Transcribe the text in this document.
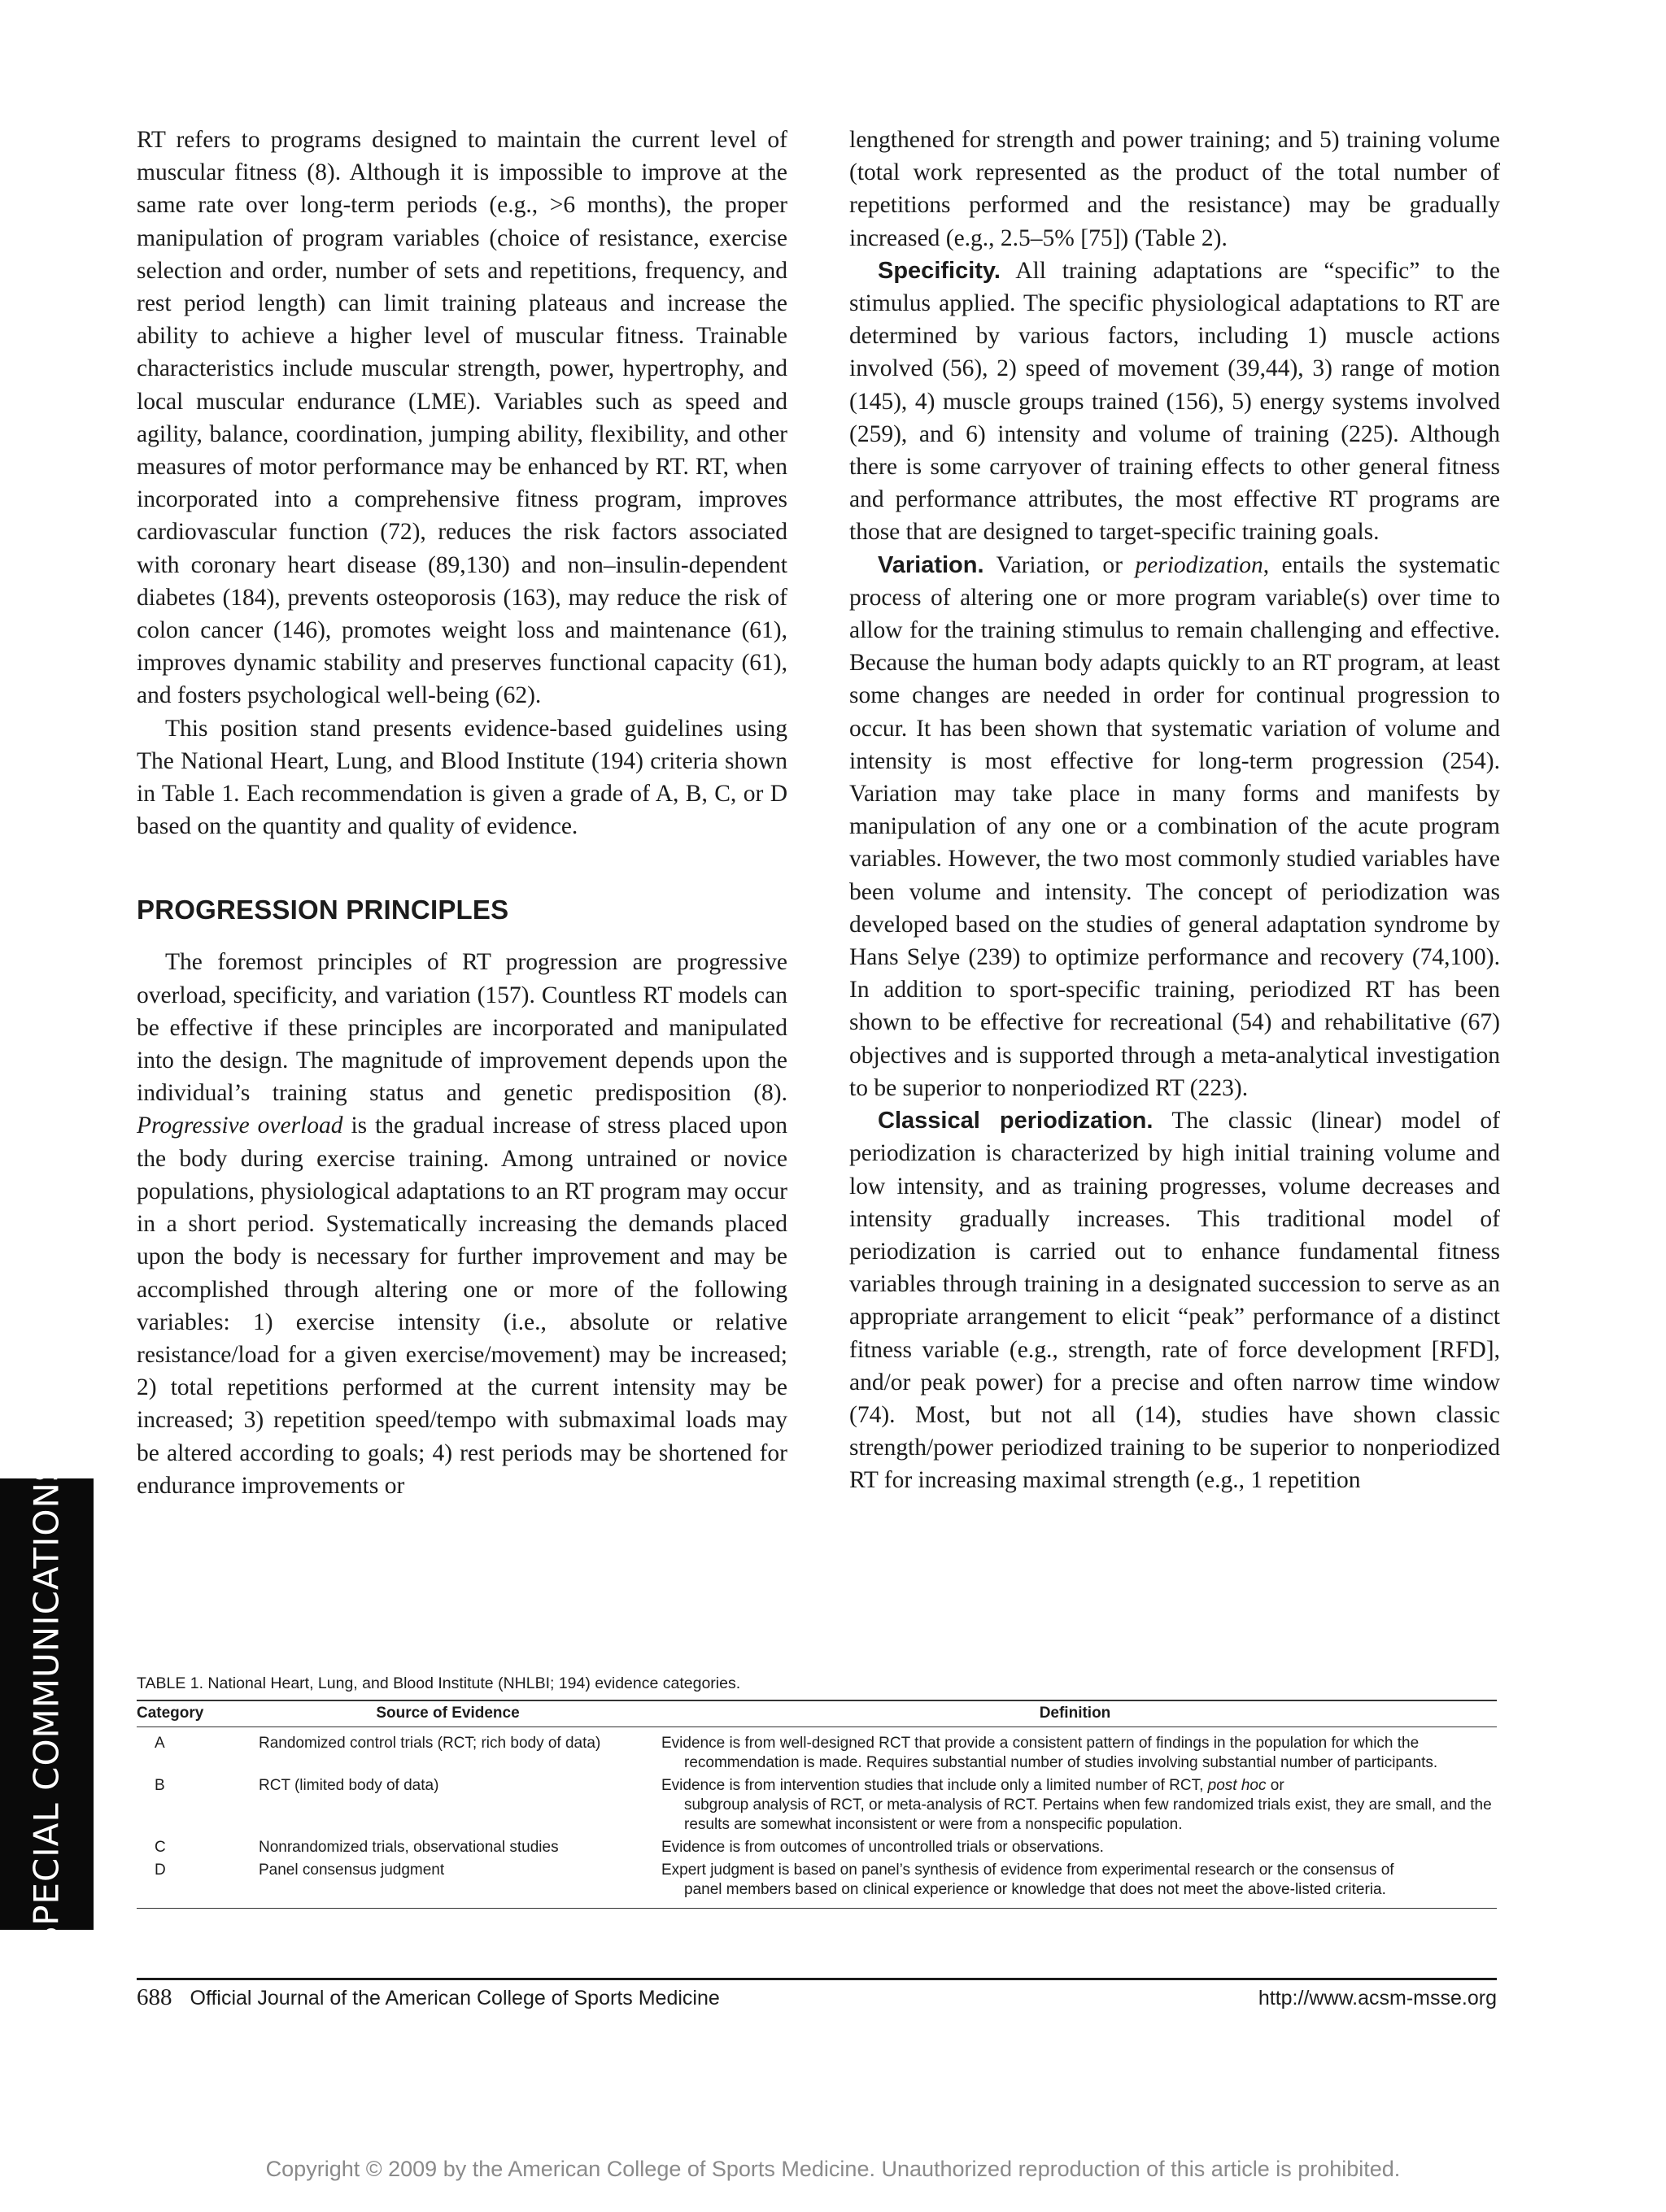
RT refers to programs designed to maintain the current level of muscular fitness (8). Although it is impossible to improve at the same rate over long-term periods (e.g., >6 months), the proper manipulation of program variables (choice of resistance, exercise selection and order, number of sets and repetitions, frequency, and rest period length) can limit training plateaus and increase the ability to achieve a higher level of muscular fitness. Trainable characteristics include muscular strength, power, hypertrophy, and local muscular endurance (LME). Variables such as speed and agility, balance, coordination, jumping ability, flexibility, and other measures of motor performance may be enhanced by RT. RT, when incorporated into a comprehensive fitness program, improves cardiovascular function (72), reduces the risk factors associated with coronary heart disease (89,130) and non–insulin-dependent diabetes (184), prevents osteoporosis (163), may reduce the risk of colon cancer (146), promotes weight loss and maintenance (61), improves dynamic stability and preserves functional capacity (61), and fosters psychological well-being (62).

This position stand presents evidence-based guidelines using The National Heart, Lung, and Blood Institute (194) criteria shown in Table 1. Each recommendation is given a grade of A, B, C, or D based on the quantity and quality of evidence.

PROGRESSION PRINCIPLES

The foremost principles of RT progression are progressive overload, specificity, and variation (157). Countless RT models can be effective if these principles are incorporated and manipulated into the design. The magnitude of improvement depends upon the individual’s training status and genetic predisposition (8). Progressive overload is the gradual increase of stress placed upon the body during exercise training. Among untrained or novice populations, physiological adaptations to an RT program may occur in a short period. Systematically increasing the demands placed upon the body is necessary for further improvement and may be accomplished through altering one or more of the following variables: 1) exercise intensity (i.e., absolute or relative resistance/load for a given exercise/movement) may be increased; 2) total repetitions performed at the current intensity may be increased; 3) repetition speed/tempo with submaximal loads may be altered according to goals; 4) rest periods may be shortened for endurance improvements or

lengthened for strength and power training; and 5) training volume (total work represented as the product of the total number of repetitions performed and the resistance) may be gradually increased (e.g., 2.5–5% [75]) (Table 2).

Specificity. All training adaptations are “specific” to the stimulus applied. The specific physiological adaptations to RT are determined by various factors, including 1) muscle actions involved (56), 2) speed of movement (39,44), 3) range of motion (145), 4) muscle groups trained (156), 5) energy systems involved (259), and 6) intensity and volume of training (225). Although there is some carryover of training effects to other general fitness and performance attributes, the most effective RT programs are those that are designed to target-specific training goals.

Variation. Variation, or periodization, entails the systematic process of altering one or more program variable(s) over time to allow for the training stimulus to remain challenging and effective. Because the human body adapts quickly to an RT program, at least some changes are needed in order for continual progression to occur. It has been shown that systematic variation of volume and intensity is most effective for long-term progression (254). Variation may take place in many forms and manifests by manipulation of any one or a combination of the acute program variables. However, the two most commonly studied variables have been volume and intensity. The concept of periodization was developed based on the studies of general adaptation syndrome by Hans Selye (239) to optimize performance and recovery (74,100). In addition to sport-specific training, periodized RT has been shown to be effective for recreational (54) and rehabilitative (67) objectives and is supported through a meta-analytical investigation to be superior to nonperiodized RT (223).

Classical periodization. The classic (linear) model of periodization is characterized by high initial training volume and low intensity, and as training progresses, volume decreases and intensity gradually increases. This traditional model of periodization is carried out to enhance fundamental fitness variables through training in a designated succession to serve as an appropriate arrangement to elicit “peak” performance of a distinct fitness variable (e.g., strength, rate of force development [RFD], and/or peak power) for a precise and often narrow time window (74). Most, but not all (14), studies have shown classic strength/power periodized training to be superior to nonperiodized RT for increasing maximal strength (e.g., 1 repetition

TABLE 1. National Heart, Lung, and Blood Institute (NHLBI; 194) evidence categories.
Category	Source of Evidence	Definition
A	Randomized control trials (RCT; rich body of data)	Evidence is from well-designed RCT that provide a consistent pattern of findings in the population for which the
recommendation is made. Requires substantial number of studies involving substantial number of participants.

B	RCT (limited body of data)	Evidence is from intervention studies that include only a limited number of RCT, post hoc or
subgroup analysis of RCT, or meta-analysis of RCT. Pertains when few randomized trials exist, they are small, and the results are somewhat inconsistent or were from a nonspecific population.

C	Nonrandomized trials, observational studies	Evidence is from outcomes of uncontrolled trials or observations.
D	Panel consensus judgment	Expert judgment is based on panel’s synthesis of evidence from experimental research or the consensus of
panel members based on clinical experience or knowledge that does not meet the above-listed criteria.
688 Official Journal of the American College of Sports Medicine	http://www.acsm-msse.org
SPECIAL COMMUNICATIONS
Copyright © 2009 by the American College of Sports Medicine. Unauthorized reproduction of this article is prohibited.
